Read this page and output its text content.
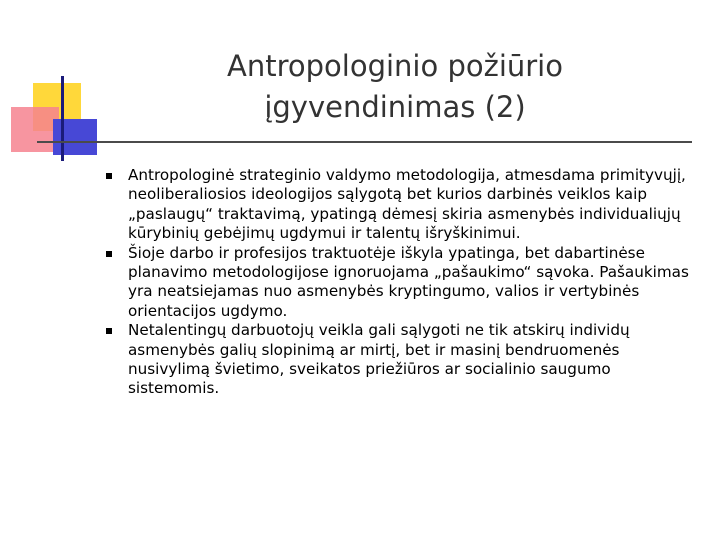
Antropologinio požiūrio
įgyvendinimas (2)
Antropologinė strateginio valdymo metodologija, atmesdama primityvųjį, neoliberaliosios ideologijos sąlygotą bet kurios darbinės veiklos kaip „paslaugų“ traktavimą, ypatingą dėmesį skiria asmenybės individualiųjų kūrybinių gebėjimų ugdymui ir talentų išryškinimui.
Šioje darbo ir profesijos traktuotėje iškyla ypatinga, bet dabartinėse planavimo metodologijose ignoruojama „pašaukimo“ sąvoka. Pašaukimas yra neatsiejamas nuo asmenybės kryptingumo, valios ir vertybinės orientacijos ugdymo.
Netalentingų darbuotojų veikla gali sąlygoti ne tik atskirų individų asmenybės galių slopinimą ar mirtį, bet ir masinį bendruomenės nusivylimą švietimo, sveikatos priežiūros ar socialinio saugumo sistemomis.
